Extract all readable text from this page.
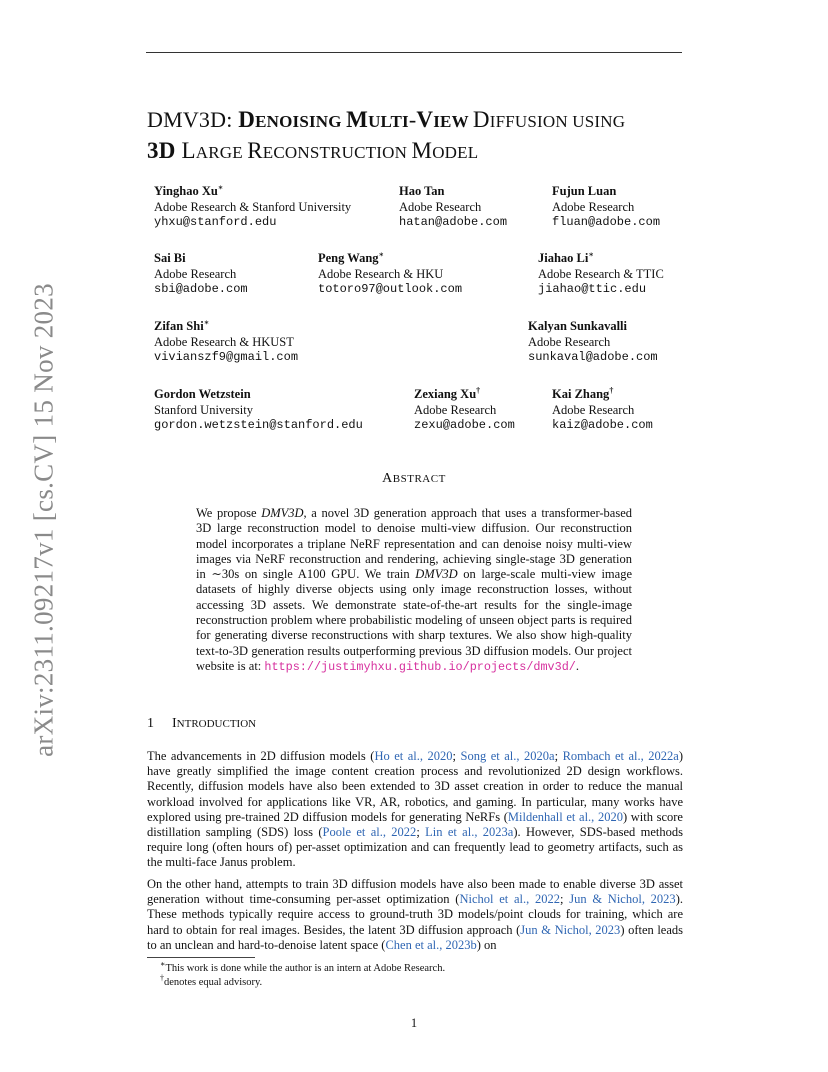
arXiv:2311.09217v1 [cs.CV] 15 Nov 2023
DMV3D: DENOISING MULTI-VIEW DIFFUSION USING
3D LARGE RECONSTRUCTION MODEL
Yinghao Xu∗
Adobe Research & Stanford University
yhxu@stanford.edu
Hao Tan
Adobe Research
hatan@adobe.com
Fujun Luan
Adobe Research
fluan@adobe.com
Sai Bi
Adobe Research
sbi@adobe.com
Peng Wang∗
Adobe Research & HKU
totoro97@outlook.com
Jiahao Li∗
Adobe Research & TTIC
jiahao@ttic.edu
Zifan Shi∗
Adobe Research & HKUST
vivianszf9@gmail.com
Kalyan Sunkavalli
Adobe Research
sunkaval@adobe.com
Gordon Wetzstein
Stanford University
gordon.wetzstein@stanford.edu
Zexiang Xu†
Adobe Research
zexu@adobe.com
Kai Zhang†
Adobe Research
kaiz@adobe.com
ABSTRACT
We propose DMV3D, a novel 3D generation approach that uses a transformer-based 3D large reconstruction model to denoise multi-view diffusion. Our reconstruction model incorporates a triplane NeRF representation and can denoise noisy multi-view images via NeRF reconstruction and rendering, achieving single-stage 3D generation in ∼30s on single A100 GPU. We train DMV3D on large-scale multi-view image datasets of highly diverse objects using only image reconstruction losses, without accessing 3D assets. We demonstrate state-of-the-art results for the single-image reconstruction problem where probabilistic modeling of unseen object parts is required for generating diverse reconstructions with sharp textures. We also show high-quality text-to-3D generation results outperforming previous 3D diffusion models. Our project website is at: https://justimyhxu.github.io/projects/dmv3d/.
1 INTRODUCTION
The advancements in 2D diffusion models (Ho et al., 2020; Song et al., 2020a; Rombach et al., 2022a) have greatly simplified the image content creation process and revolutionized 2D design workflows. Recently, diffusion models have also been extended to 3D asset creation in order to reduce the manual workload involved for applications like VR, AR, robotics, and gaming. In particular, many works have explored using pre-trained 2D diffusion models for generating NeRFs (Mildenhall et al., 2020) with score distillation sampling (SDS) loss (Poole et al., 2022; Lin et al., 2023a). However, SDS-based methods require long (often hours of) per-asset optimization and can frequently lead to geometry artifacts, such as the multi-face Janus problem.
On the other hand, attempts to train 3D diffusion models have also been made to enable diverse 3D asset generation without time-consuming per-asset optimization (Nichol et al., 2022; Jun & Nichol, 2023). These methods typically require access to ground-truth 3D models/point clouds for training, which are hard to obtain for real images. Besides, the latent 3D diffusion approach (Jun & Nichol, 2023) often leads to an unclean and hard-to-denoise latent space (Chen et al., 2023b) on
∗This work is done while the author is an intern at Adobe Research.
†denotes equal advisory.
1
